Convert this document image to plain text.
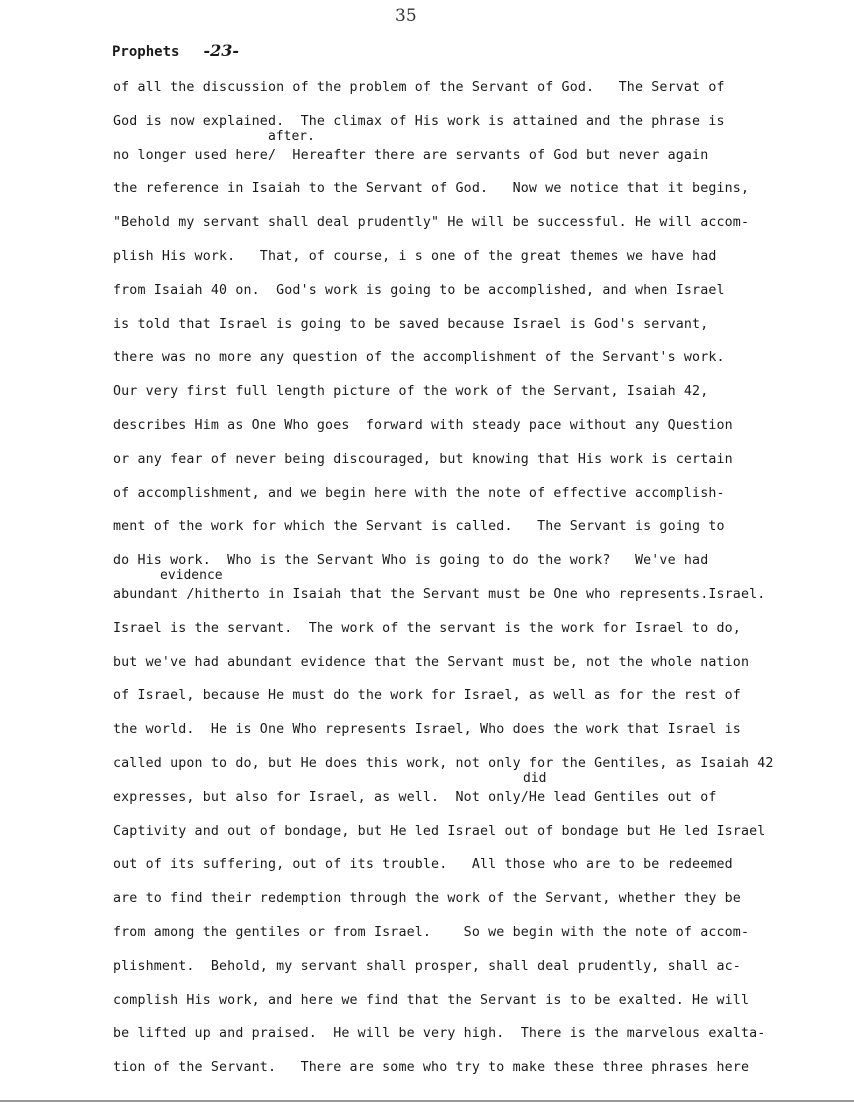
35
Prophets -23-
after.
evidence
did
of all the discussion of the problem of the Servant of God.   The Servat of
God is now explained.  The climax of His work is attained and the phrase is
no longer used here/  Hereafter there are servants of God but never again
the reference in Isaiah to the Servant of God.   Now we notice that it begins,
"Behold my servant shall deal prudently" He will be successful. He will accom-
plish His work.   That, of course, i s one of the great themes we have had
from Isaiah 40 on.  God's work is going to be accomplished, and when Israel
is told that Israel is going to be saved because Israel is God's servant,
there was no more any question of the accomplishment of the Servant's work.
Our very first full length picture of the work of the Servant, Isaiah 42,
describes Him as One Who goes  forward with steady pace without any Question
or any fear of never being discouraged, but knowing that His work is certain
of accomplishment, and we begin here with the note of effective accomplish-
ment of the work for which the Servant is called.   The Servant is going to
do His work.  Who is the Servant Who is going to do the work?   We've had
abundant /hitherto in Isaiah that the Servant must be One who represents.Israel.
Israel is the servant.  The work of the servant is the work for Israel to do,
but we've had abundant evidence that the Servant must be, not the whole nation
of Israel, because He must do the work for Israel, as well as for the rest of
the world.  He is One Who represents Israel, Who does the work that Israel is
called upon to do, but He does this work, not only for the Gentiles, as Isaiah 42
expresses, but also for Israel, as well.  Not only/He lead Gentiles out of
Captivity and out of bondage, but He led Israel out of bondage but He led Israel
out of its suffering, out of its trouble.   All those who are to be redeemed
are to find their redemption through the work of the Servant, whether they be
from among the gentiles or from Israel.    So we begin with the note of accom-
plishment.  Behold, my servant shall prosper, shall deal prudently, shall ac-
complish His work, and here we find that the Servant is to be exalted. He will
be lifted up and praised.  He will be very high.  There is the marvelous exalta-
tion of the Servant.   There are some who try to make these three phrases here
